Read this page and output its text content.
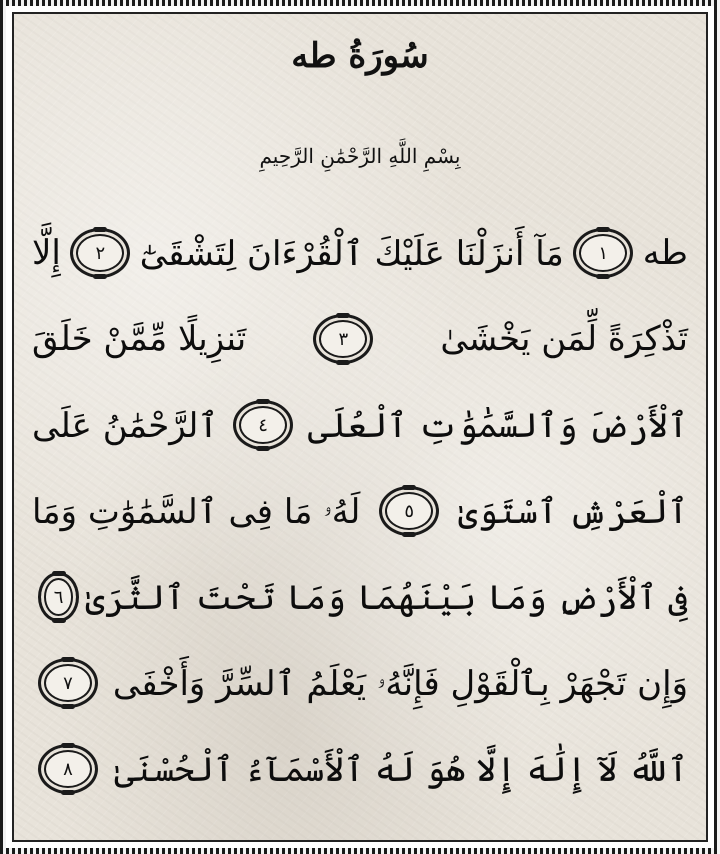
سُورَةُ طه
بِسْمِ اللَّهِ الرَّحْمَٰنِ الرَّحِيمِ
طه
١
مَآ أَنزَلْنَا عَلَيْكَ ٱلْقُرْءَانَ لِتَشْقَىٰٓ
٢
إِلَّا
تَذْكِرَةً لِّمَن يَخْشَىٰ
٣
تَنزِيلًا مِّمَّنْ خَلَقَ
ٱلْأَرْضَ وَٱلسَّمَٰوَٰتِ ٱلْعُلَى
٤
ٱلرَّحْمَٰنُ عَلَى
ٱلْعَرْشِ ٱسْتَوَىٰ
٥
لَهُۥ مَا فِى ٱلسَّمَٰوَٰتِ وَمَا
فِى ٱلْأَرْضِ وَمَا بَيْنَهُمَا وَمَا تَحْتَ ٱلثَّرَىٰ
٦
وَإِن تَجْهَرْ بِٱلْقَوْلِ فَإِنَّهُۥ يَعْلَمُ ٱلسِّرَّ وَأَخْفَى
٧
ٱللَّهُ لَآ إِلَٰهَ إِلَّا هُوَ لَهُ ٱلْأَسْمَآءُ ٱلْحُسْنَىٰ
٨
